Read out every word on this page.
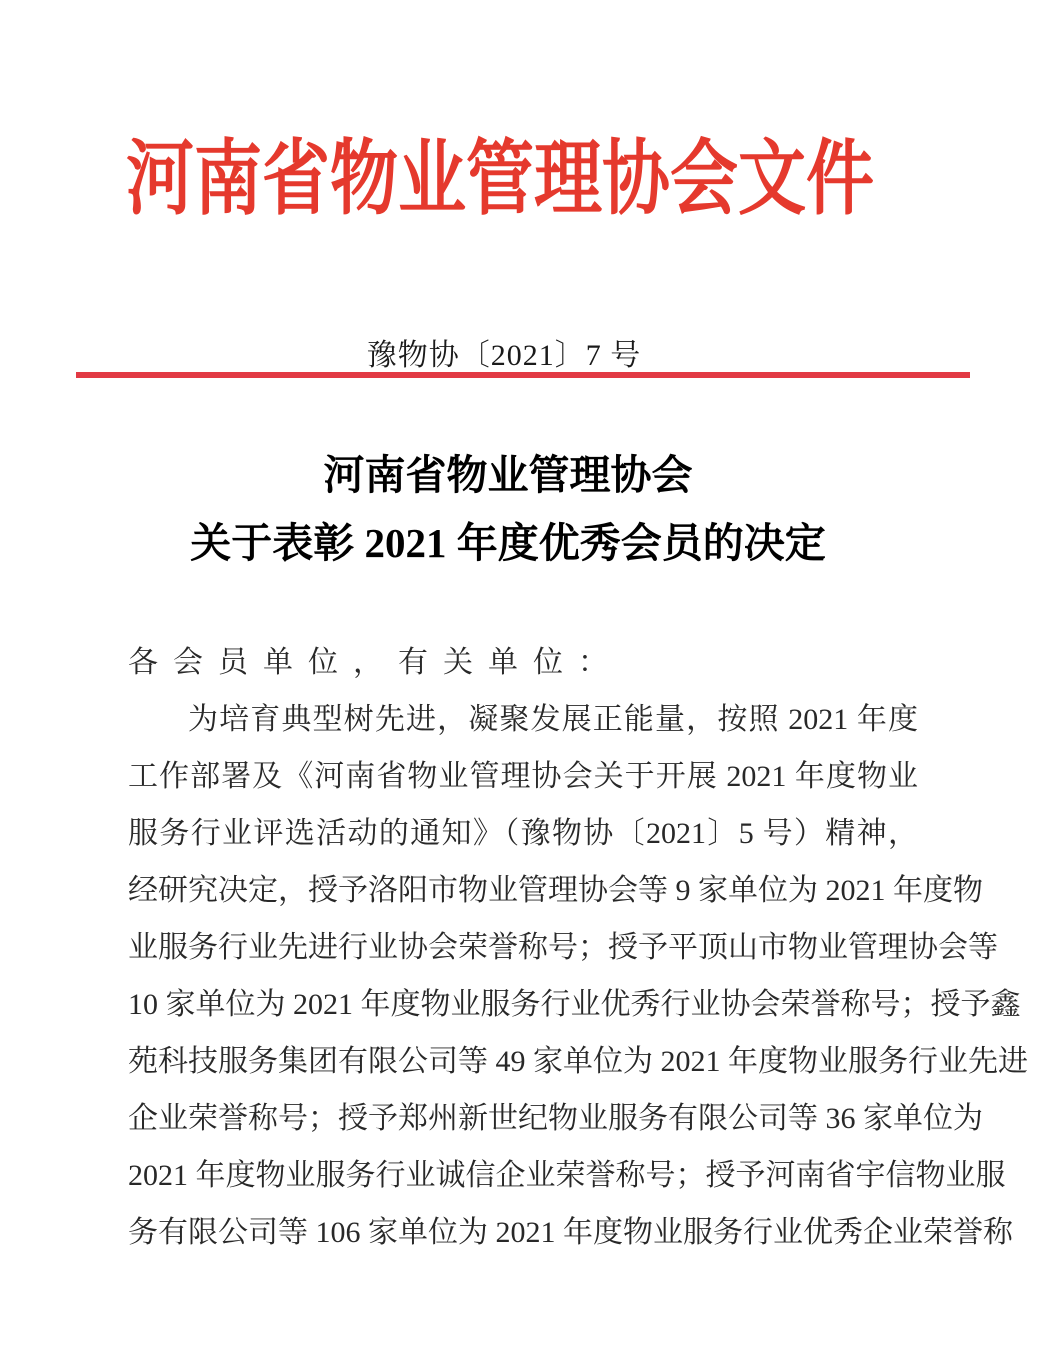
河南省物业管理协会文件
豫物协〔2021〕7 号
河南省物业管理协会
关于表彰 2021 年度优秀会员的决定
各会员单位，有关单位：
为培育典型树先进，凝聚发展正能量，按照 2021 年度
工作部署及《河南省物业管理协会关于开展 2021 年度物业
服务行业评选活动的通知》（豫物协〔2021〕5 号）精神，
经研究决定，授予洛阳市物业管理协会等 9 家单位为 2021 年度物
业服务行业先进行业协会荣誉称号；授予平顶山市物业管理协会等
10 家单位为 2021 年度物业服务行业优秀行业协会荣誉称号；授予鑫
苑科技服务集团有限公司等 49 家单位为 2021 年度物业服务行业先进
企业荣誉称号；授予郑州新世纪物业服务有限公司等 36 家单位为
2021 年度物业服务行业诚信企业荣誉称号；授予河南省宇信物业服
务有限公司等 106 家单位为 2021 年度物业服务行业优秀企业荣誉称
